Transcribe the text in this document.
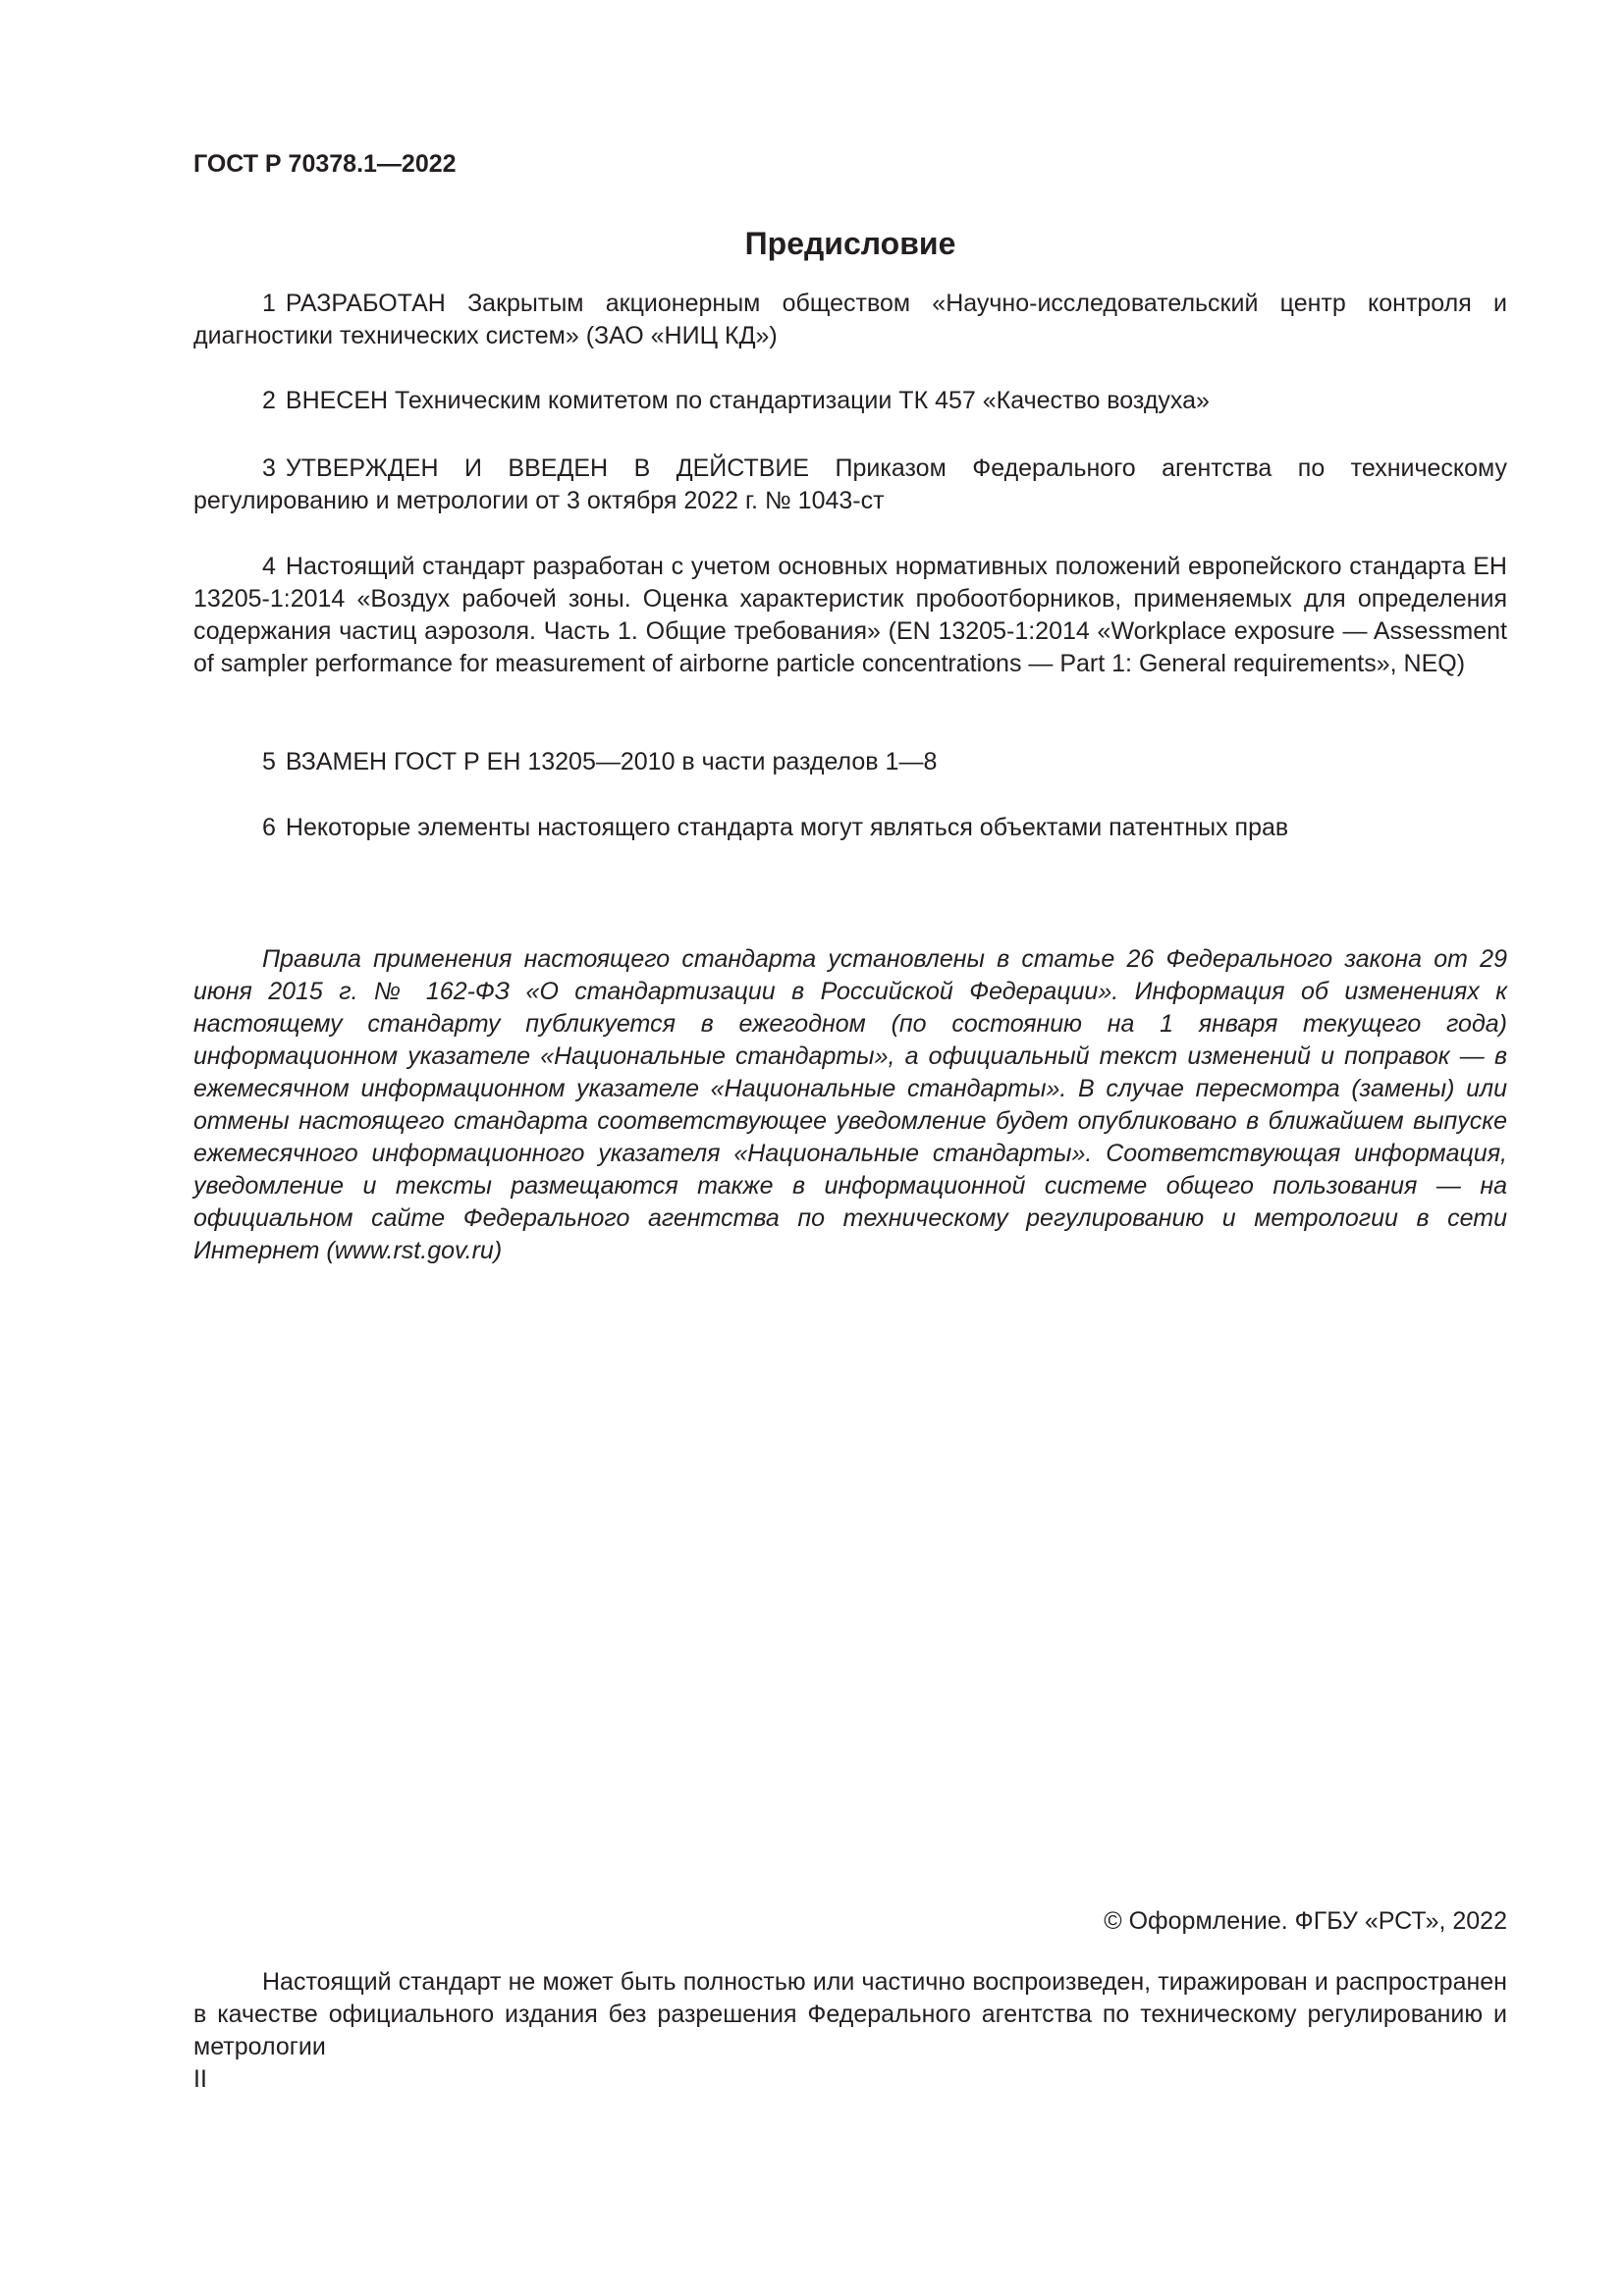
ГОСТ Р 70378.1—2022

Предисловие

1 РАЗРАБОТАН Закрытым акционерным обществом «Научно-исследовательский центр контроля и диагностики технических систем» (ЗАО «НИЦ КД»)

2 ВНЕСЕН Техническим комитетом по стандартизации ТК 457 «Качество воздуха»

3 УТВЕРЖДЕН И ВВЕДЕН В ДЕЙСТВИЕ Приказом Федерального агентства по техническому регулированию и метрологии от 3 октября 2022 г. № 1043-ст

4 Настоящий стандарт разработан с учетом основных нормативных положений европейского стандарта ЕН 13205-1:2014 «Воздух рабочей зоны. Оценка характеристик пробоотборников, применяемых для определения содержания частиц аэрозоля. Часть 1. Общие требования» (EN 13205-1:2014 «Workplace exposure — Assessment of sampler performance for measurement of airborne particle concentrations — Part 1: General requirements», NEQ)

5 ВЗАМЕН ГОСТ Р ЕН 13205—2010 в части разделов 1—8

6 Некоторые элементы настоящего стандарта могут являться объектами патентных прав

Правила применения настоящего стандарта установлены в статье 26 Федерального закона от 29 июня 2015 г. № 162-ФЗ «О стандартизации в Российской Федерации». Информация об изменениях к настоящему стандарту публикуется в ежегодном (по состоянию на 1 января текущего года) информационном указателе «Национальные стандарты», а официальный текст изменений и поправок — в ежемесячном информационном указателе «Национальные стандарты». В случае пересмотра (замены) или отмены настоящего стандарта соответствующее уведомление будет опубликовано в ближайшем выпуске ежемесячного информационного указателя «Национальные стандарты». Соответствующая информация, уведомление и тексты размещаются также в информационной системе общего пользования — на официальном сайте Федерального агентства по техническому регулированию и метрологии в сети Интернет (www.rst.gov.ru)

© Оформление. ФГБУ «РСТ», 2022

Настоящий стандарт не может быть полностью или частично воспроизведен, тиражирован и распространен в качестве официального издания без разрешения Федерального агентства по техническому регулированию и метрологии

II
